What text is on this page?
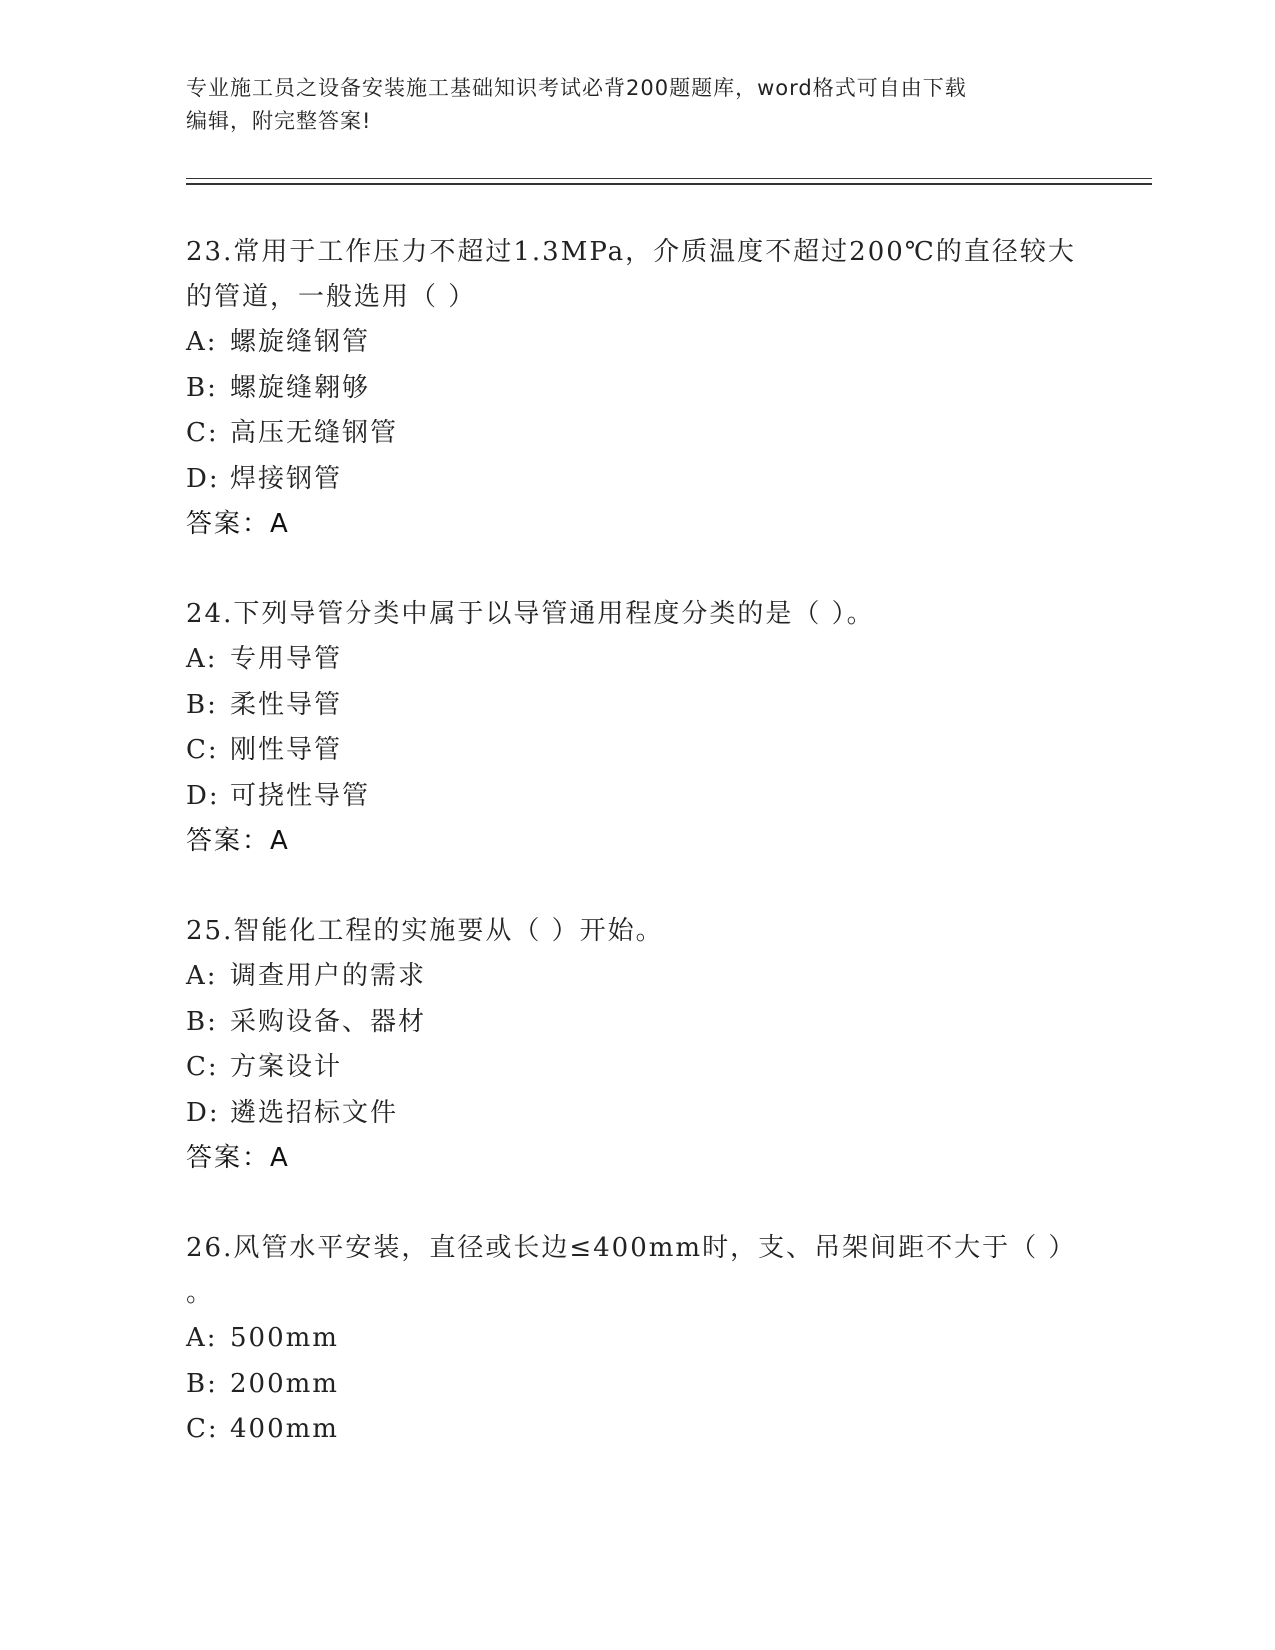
专业施工员之设备安装施工基础知识考试必背200题题库，word格式可自由下载
编辑，附完整答案!
23.常用于工作压力不超过1.3MPa，介质温度不超过200℃的直径较大
的管道，一般选用（ ）
A: 螺旋缝钢管
B: 螺旋缝翱够
C: 高压无缝钢管
D: 焊接钢管
答案：A
24.下列导管分类中属于以导管通用程度分类的是（ ）。
A: 专用导管
B: 柔性导管
C: 刚性导管
D: 可挠性导管
答案：A
25.智能化工程的实施要从（ ）开始。
A: 调查用户的需求
B: 采购设备、器材
C: 方案设计
D: 遴选招标文件
答案：A
26.风管水平安装，直径或长边≤400mm时，支、吊架间距不大于（ ）
。
A: 500mm
B: 200mm
C: 400mm
